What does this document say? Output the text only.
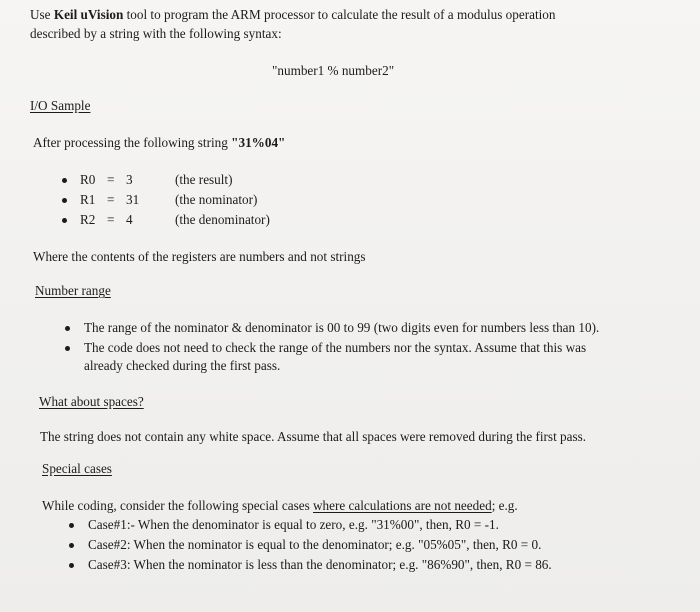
Use Keil uVision tool to program the ARM processor to calculate the result of a modulus operation
described by a string with the following syntax:
"number1 % number2"
I/O Sample
After processing the following string "31%04"
R0 = 3	(the result)
R1 = 31	(the nominator)
R2 = 4	(the denominator)
Where the contents of the registers are numbers and not strings
Number range
The range of the nominator & denominator is 00 to 99 (two digits even for numbers less than 10).
The code does not need to check the range of the numbers nor the syntax. Assume that this was
already checked during the first pass.
What about spaces?
The string does not contain any white space. Assume that all spaces were removed during the first pass.
Special cases
While coding, consider the following special cases where calculations are not needed; e.g.
Case#1:- When the denominator is equal to zero, e.g. "31%00", then, R0 = -1.
Case#2: When the nominator is equal to the denominator; e.g. "05%05", then, R0 = 0.
Case#3: When the nominator is less than the denominator; e.g. "86%90", then, R0 = 86.
